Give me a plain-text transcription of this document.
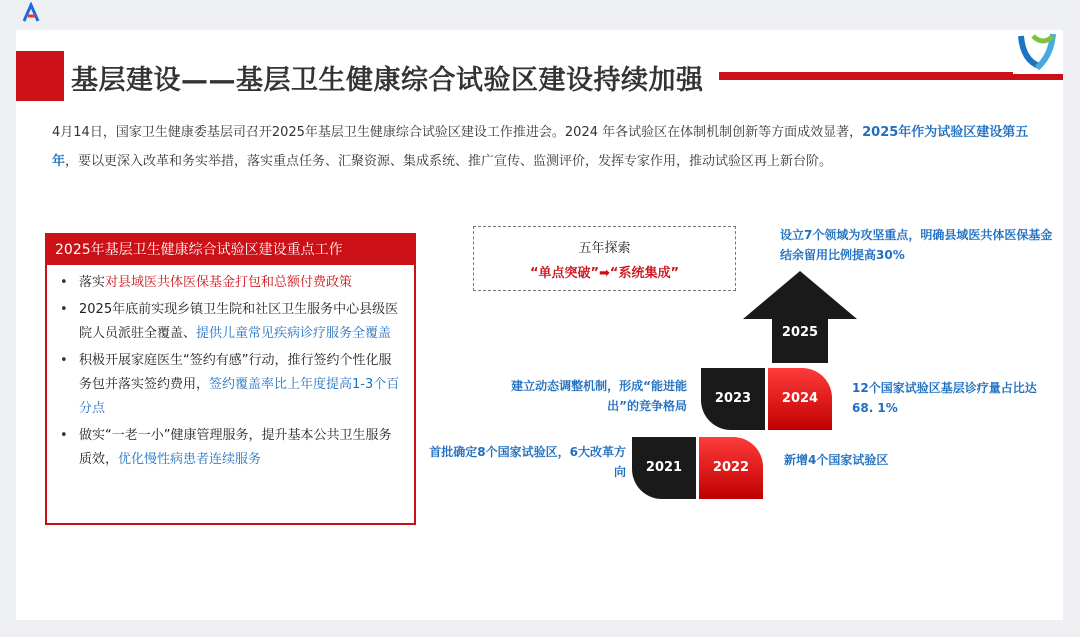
基层建设——基层卫生健康综合试验区建设持续加强
4月14日，国家卫生健康委基层司召开2025年基层卫生健康综合试验区建设工作推进会。2024 年各试验区在体制机制创新等方面成效显著，2025年作为试验区建设第五年，要以更深入改革和务实举措，落实重点任务、汇聚资源、集成系统、推广宣传、监测评价，发挥专家作用，推动试验区再上新台阶。
2025年基层卫生健康综合试验区建设重点工作
• 落实对县域医共体医保基金打包和总额付费政策
• 2025年底前实现乡镇卫生院和社区卫生服务中心县级医院人员派驻全覆盖、提供儿童常见疾病诊疗服务全覆盖
• 积极开展家庭医生“签约有感”行动，推行签约个性化服务包并落实签约费用，签约覆盖率比上年度提高1-3个百分点
• 做实“一老一小”健康管理服务，提升基本公共卫生服务质效，优化慢性病患者连续服务
五年探索
“单点突破”➡“系统集成”
2025
2023	2024
2021	2022
设立7个领域为攻坚重点，明确县域医共体医保基金结余留用比例提高30%
建立动态调整机制，形成“能进能出”的竞争格局
12个国家试验区基层诊疗量占比达68. 1%
首批确定8个国家试验区，6大改革方向
新增4个国家试验区
